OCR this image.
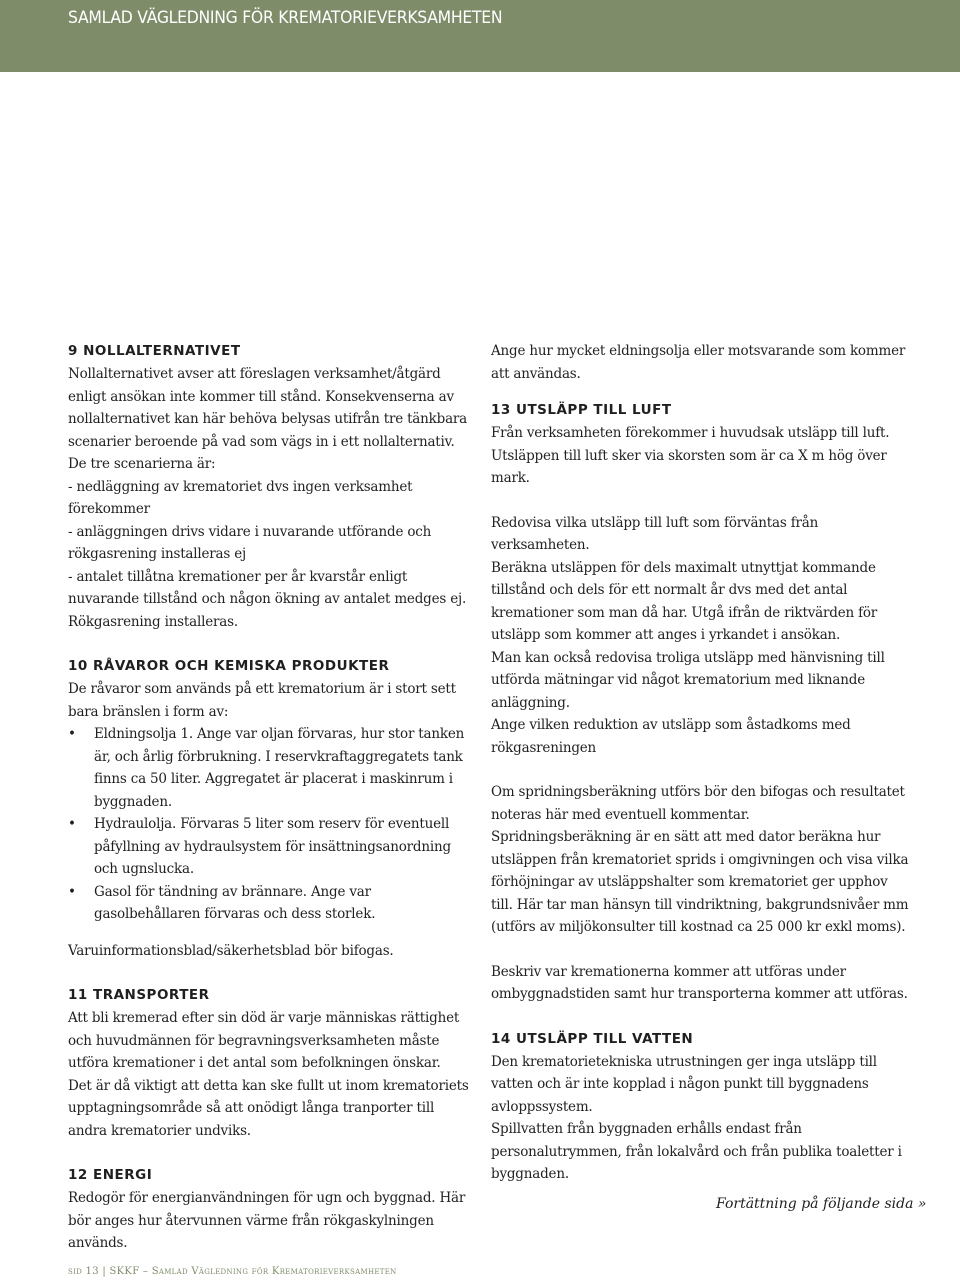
SAMLAD VÄGLEDNING FÖR KREMATORIEVERKSAMHETEN
9 NOLLALTERNATIVET

Nollalternativet avser att föreslagen verksamhet/åtgärd enligt ansökan inte kommer till stånd. Konsekvenserna av nollalternativet kan här behöva belysas utifrån tre tänkbara scenarier beroende på vad som vägs in i ett nollalternativ.

De tre scenarierna är:

- nedläggning av krematoriet dvs ingen verksamhet förekommer

- anläggningen drivs vidare i nuvarande utförande och rökgasrening installeras ej

- antalet tillåtna kremationer per år kvarstår enligt nuvarande tillstånd och någon ökning av antalet medges ej. Rökgasrening installeras.

10 RÅVAROR OCH KEMISKA PRODUKTER

De råvaror som används på ett krematorium är i stort sett bara bränslen i form av:

• Eldningsolja 1. Ange var oljan förvaras, hur stor tanken är, och årlig förbrukning. I reservkraftaggregatets tank finns ca 50 liter. Aggregatet är placerat i maskinrum i byggnaden.
• Hydraulolja. Förvaras 5 liter som reserv för eventuell påfyllning av hydraulsystem för insättningsanordning och ugnslucka.
• Gasol för tändning av brännare. Ange var gasolbehållaren förvaras och dess storlek.

Varuinformationsblad/säkerhetsblad bör bifogas.

11 TRANSPORTER

Att bli kremerad efter sin död är varje människas rättighet och huvudmännen för begravningsverksamheten måste utföra kremationer i det antal som befolkningen önskar.

Det är då viktigt att detta kan ske fullt ut inom krematoriets upptagningsområde så att onödigt långa tranporter till andra krematorier undviks.

12 ENERGI

Redogör för energianvändningen för ugn och byggnad. Här bör anges hur återvunnen värme från rökgaskylningen används.

Ange hur mycket eldningsolja eller motsvarande som kommer att användas.

13 UTSLÄPP TILL LUFT

Från verksamheten förekommer i huvudsak utsläpp till luft.

Utsläppen till luft sker via skorsten som är ca X m hög över mark.

Redovisa vilka utsläpp till luft som förväntas från verksamheten.

Beräkna utsläppen för dels maximalt utnyttjat kommande tillstånd och dels för ett normalt år dvs med det antal kremationer som man då har. Utgå ifrån de riktvärden för utsläpp som kommer att anges i yrkandet i ansökan.

Man kan också redovisa troliga utsläpp med hänvisning till utförda mätningar vid något krematorium med liknande anläggning.

Ange vilken reduktion av utsläpp som åstadkoms med rökgasreningen

Om spridningsberäkning utförs bör den bifogas och resultatet noteras här med eventuell kommentar.

Spridningsberäkning är en sätt att med dator beräkna hur utsläppen från krematoriet sprids i omgivningen och visa vilka förhöjningar av utsläppshalter som krematoriet ger upphov till. Här tar man hänsyn till vindriktning, bakgrundsnivåer mm (utförs av miljökonsulter till kostnad ca 25 000 kr exkl moms).

Beskriv var kremationerna kommer att utföras under ombyggnadstiden samt hur transporterna kommer att utföras.

14 UTSLÄPP TILL VATTEN

Den krematorietekniska utrustningen ger inga utsläpp till vatten och är inte kopplad i någon punkt till byggnadens avloppssystem.

Spillvatten från byggnaden erhålls endast från personalutrymmen, från lokalvård och från publika toaletter i byggnaden.

Fortättning på följande sida »
sid 13 | SKKF – Samlad Vägledning för Krematorieverksamheten
